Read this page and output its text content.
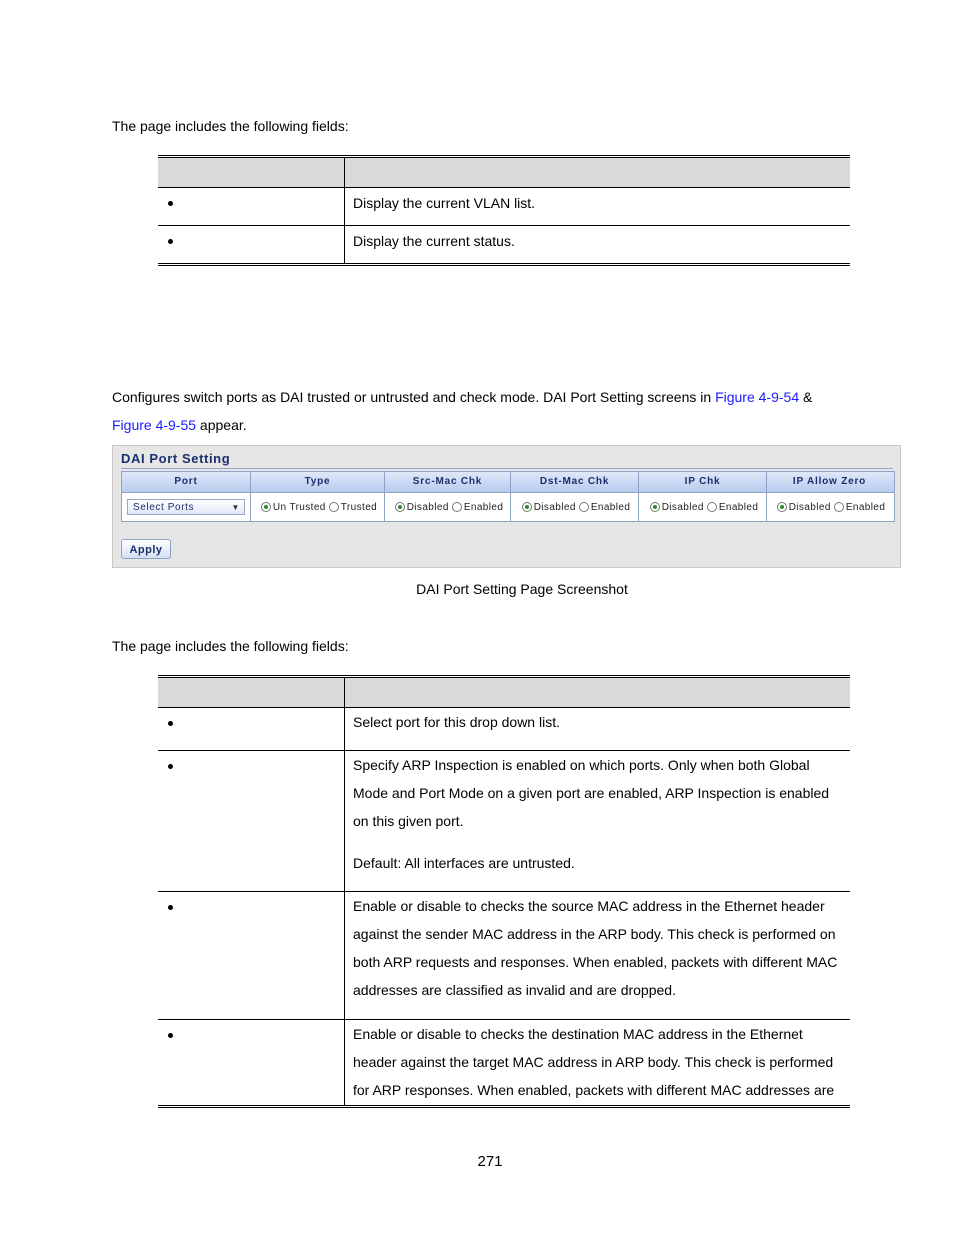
The page includes the following fields:
Display the current VLAN list.
Display the current status.
Configures switch ports as DAI trusted or untrusted and check mode. DAI Port Setting screens in Figure 4-9-54 &
Figure 4-9-55 appear.
DAI Port Setting
Port	Type	Src-Mac Chk	Dst-Mac Chk	IP Chk	IP Allow Zero
Select Ports	▼	Un Trusted Trusted	Disabled Enabled	Disabled Enabled	Disabled Enabled	Disabled Enabled
Apply
DAI Port Setting Page Screenshot
The page includes the following fields:

Select port for this drop down list.

Specify ARP Inspection is enabled on which ports. Only when both Global

Mode and Port Mode on a given port are enabled, ARP Inspection is enabled

on this given port.

Default: All interfaces are untrusted.

Enable or disable to checks the source MAC address in the Ethernet header

against the sender MAC address in the ARP body. This check is performed on

both ARP requests and responses. When enabled, packets with different MAC

addresses are classified as invalid and are dropped.

Enable or disable to checks the destination MAC address in the Ethernet

header against the target MAC address in ARP body. This check is performed

for ARP responses. When enabled, packets with different MAC addresses are

271
